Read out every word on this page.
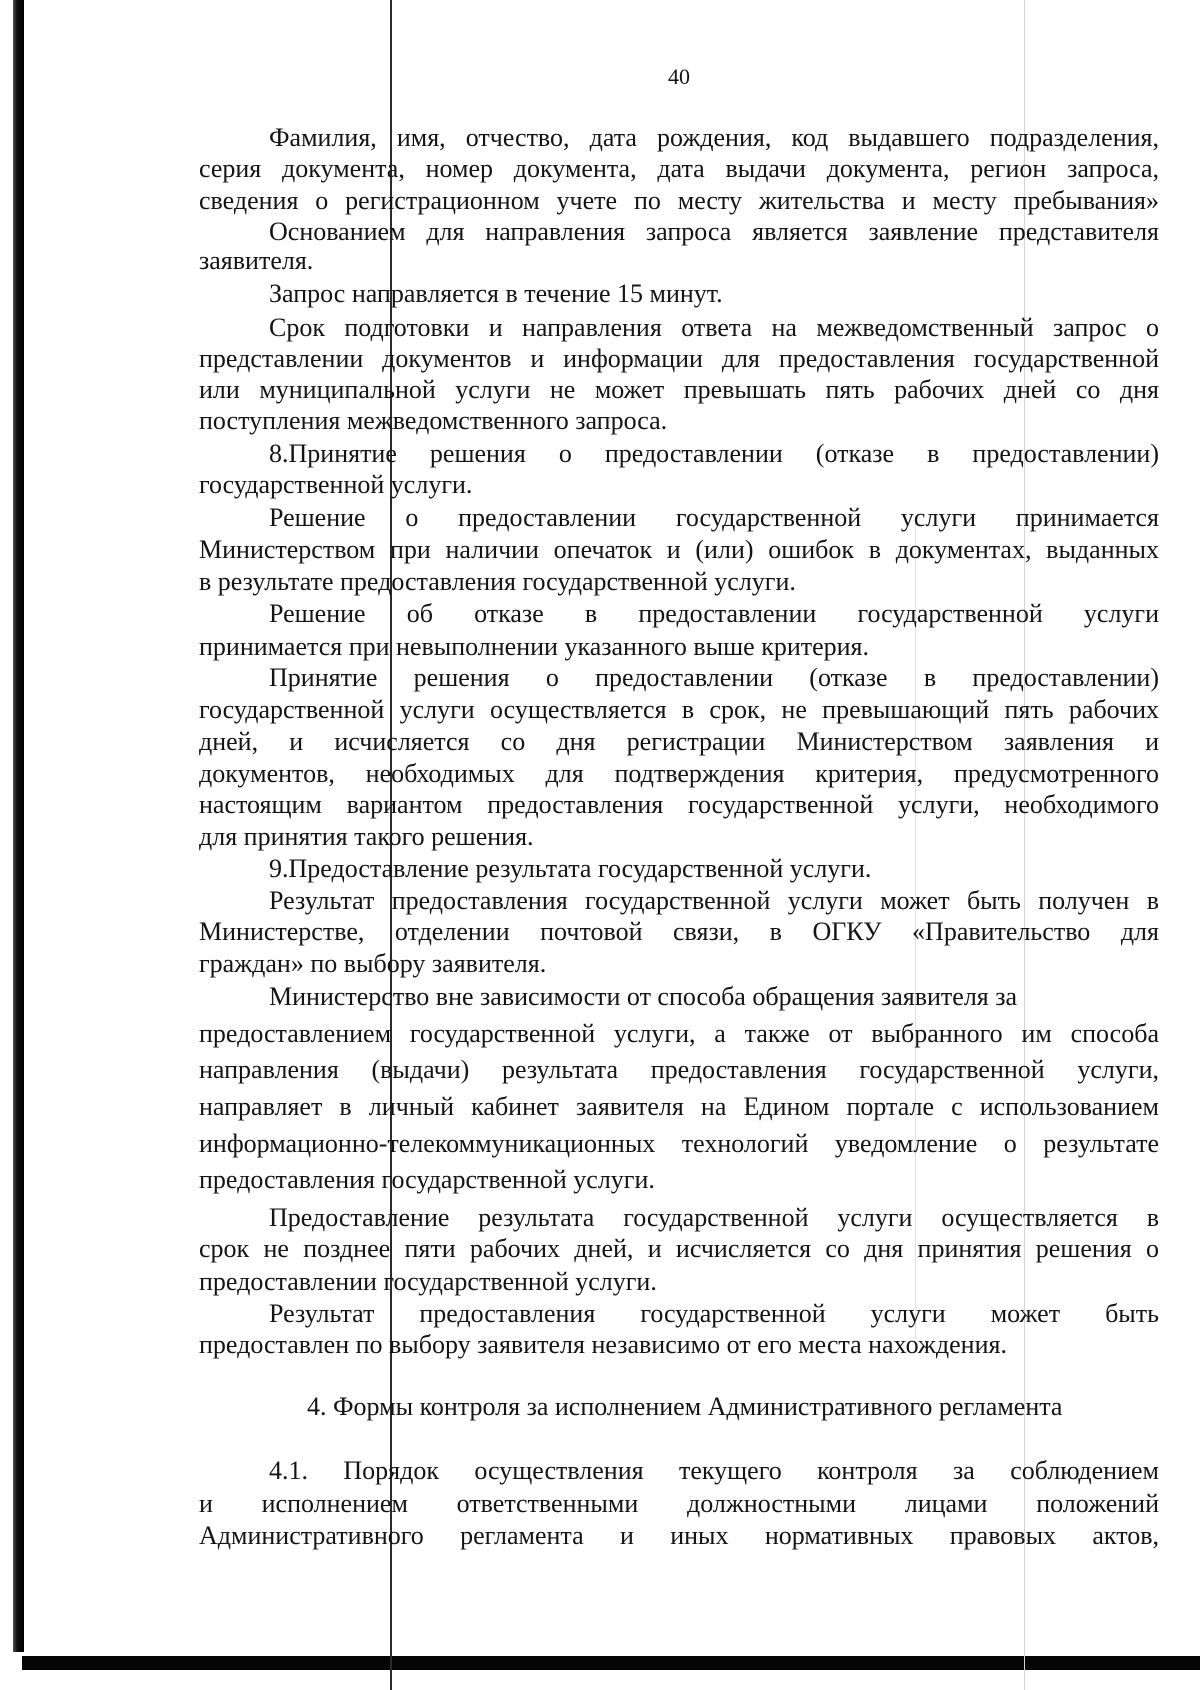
40
Фамилия, имя, отчество, дата рождения, код выдавшего подразделения,
серия документа, номер документа, дата выдачи документа, регион запроса,
сведения о регистрационном учете по месту жительства и месту пребывания»
Основанием для направления запроса является заявление представителя
заявителя.
Запрос направляется в течение 15 минут.
Срок подготовки и направления ответа на межведомственный запрос о
представлении документов и информации для предоставления государственной
или муниципальной услуги не может превышать пять рабочих дней со дня
поступления межведомственного запроса.
8.Принятие решения о предоставлении (отказе в предоставлении)
государственной услуги.
Решение о предоставлении государственной услуги принимается
Министерством при наличии опечаток и (или) ошибок в документах, выданных
в результате предоставления государственной услуги.
Решение об отказе в предоставлении государственной услуги
принимается при невыполнении указанного выше критерия.
Принятие решения о предоставлении (отказе в предоставлении)
государственной услуги осуществляется в срок, не превышающий пять рабочих
дней, и исчисляется со дня регистрации Министерством заявления и
документов, необходимых для подтверждения критерия, предусмотренного
настоящим вариантом предоставления государственной услуги, необходимого
для принятия такого решения.
9.Предоставление результата государственной услуги.
Результат предоставления государственной услуги может быть получен в
Министерстве, отделении почтовой связи, в ОГКУ «Правительство для
граждан» по выбору заявителя.
Министерство вне зависимости от способа обращения заявителя за
предоставлением государственной услуги, а также от выбранного им способа
направления (выдачи) результата предоставления государственной услуги,
направляет в личный кабинет заявителя на Едином портале с использованием
информационно-телекоммуникационных технологий уведомление о результате
предоставления государственной услуги.
Предоставление результата государственной услуги осуществляется в
срок не позднее пяти рабочих дней, и исчисляется со дня принятия решения о
предоставлении государственной услуги.
Результат предоставления государственной услуги может быть
предоставлен по выбору заявителя независимо от его места нахождения.
4. Формы контроля за исполнением Административного регламента
4.1. Порядок осуществления текущего контроля за соблюдением
и исполнением ответственными должностными лицами положений
Административного регламента и иных нормативных правовых актов,
